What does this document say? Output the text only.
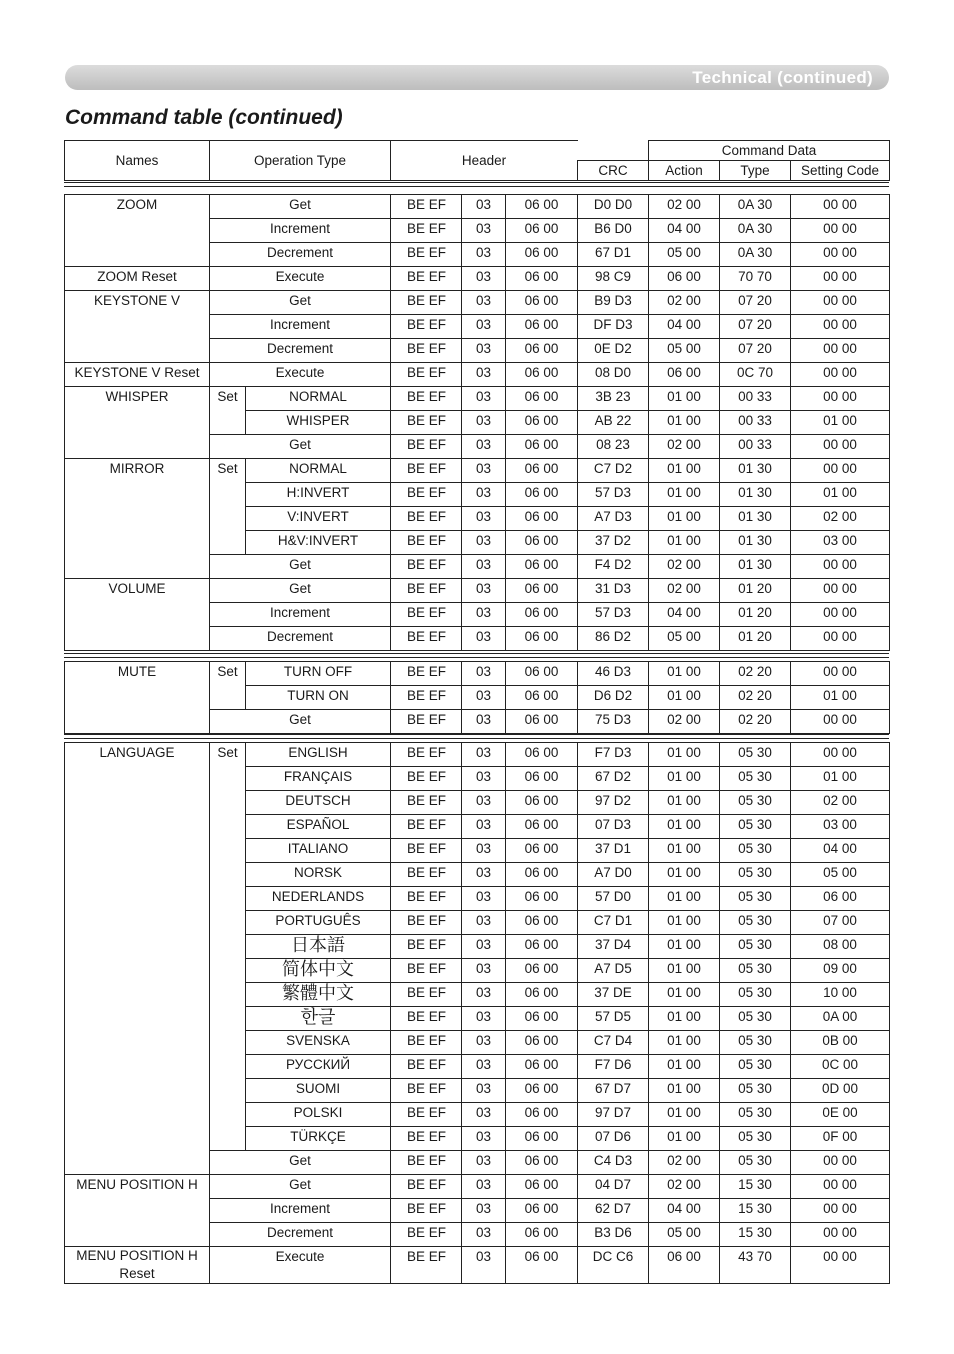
Technical (continued)
Command table (continued)
Names	Operation Type	Header		Command Data		
			CRC	Action	Type	Setting Code
ZOOM	Get		BE EF	03	06 00	D0 D0	02 00	0A 30	00 00
	Increment		BE EF	03	06 00	B6 D0	04 00	0A 30	00 00
	Decrement		BE EF	03	06 00	67 D1	05 00	0A 30	00 00
ZOOM Reset	Execute		BE EF	03	06 00	98 C9	06 00	70 70	00 00
KEYSTONE V	Get		BE EF	03	06 00	B9 D3	02 00	07 20	00 00
	Increment		BE EF	03	06 00	DF D3	04 00	07 20	00 00
	Decrement		BE EF	03	06 00	0E D2	05 00	07 20	00 00
KEYSTONE V Reset	Execute		BE EF	03	06 00	08 D0	06 00	0C 70	00 00
WHISPER	Set	NORMAL	BE EF	03	06 00	3B 23	01 00	00 33	00 00
		WHISPER	BE EF	03	06 00	AB 22	01 00	00 33	01 00
	Get		BE EF	03	06 00	08 23	02 00	00 33	00 00
MIRROR	Set	NORMAL	BE EF	03	06 00	C7 D2	01 00	01 30	00 00
		H:INVERT	BE EF	03	06 00	57 D3	01 00	01 30	01 00
		V:INVERT	BE EF	03	06 00	A7 D3	01 00	01 30	02 00
		H&V:INVERT	BE EF	03	06 00	37 D2	01 00	01 30	03 00
	Get		BE EF	03	06 00	F4 D2	02 00	01 30	00 00
VOLUME	Get		BE EF	03	06 00	31 D3	02 00	01 20	00 00
	Increment		BE EF	03	06 00	57 D3	04 00	01 20	00 00
	Decrement		BE EF	03	06 00	86 D2	05 00	01 20	00 00
MUTE	Set	TURN OFF	BE EF	03	06 00	46 D3	01 00	02 20	00 00
		TURN ON	BE EF	03	06 00	D6 D2	01 00	02 20	01 00
	Get		BE EF	03	06 00	75 D3	02 00	02 20	00 00
LANGUAGE	Set	ENGLISH	BE EF	03	06 00	F7 D3	01 00	05 30	00 00
		FRANÇAIS	BE EF	03	06 00	67 D2	01 00	05 30	01 00
		DEUTSCH	BE EF	03	06 00	97 D2	01 00	05 30	02 00
		ESPAÑOL	BE EF	03	06 00	07 D3	01 00	05 30	03 00
		ITALIANO	BE EF	03	06 00	37 D1	01 00	05 30	04 00
		NORSK	BE EF	03	06 00	A7 D0	01 00	05 30	05 00
		NEDERLANDS	BE EF	03	06 00	57 D0	01 00	05 30	06 00
		PORTUGUÊS	BE EF	03	06 00	C7 D1	01 00	05 30	07 00
		日本語	BE EF	03	06 00	37 D4	01 00	05 30	08 00
		简体中文	BE EF	03	06 00	A7 D5	01 00	05 30	09 00
		繁體中文	BE EF	03	06 00	37 DE	01 00	05 30	10 00
		한글	BE EF	03	06 00	57 D5	01 00	05 30	0A 00
		SVENSKA	BE EF	03	06 00	C7 D4	01 00	05 30	0B 00
		РУССКИЙ	BE EF	03	06 00	F7 D6	01 00	05 30	0C 00
		SUOMI	BE EF	03	06 00	67 D7	01 00	05 30	0D 00
		POLSKI	BE EF	03	06 00	97 D7	01 00	05 30	0E 00
		TÜRKÇE	BE EF	03	06 00	07 D6	01 00	05 30	0F 00
	Get		BE EF	03	06 00	C4 D3	02 00	05 30	00 00
MENU POSITION H	Get		BE EF	03	06 00	04 D7	02 00	15 30	00 00
	Increment		BE EF	03	06 00	62 D7	04 00	15 30	00 00
	Decrement		BE EF	03	06 00	B3 D6	05 00	15 30	00 00
MENU POSITION H Reset	Execute		BE EF	03	06 00	DC C6	06 00	43 70	00 00
